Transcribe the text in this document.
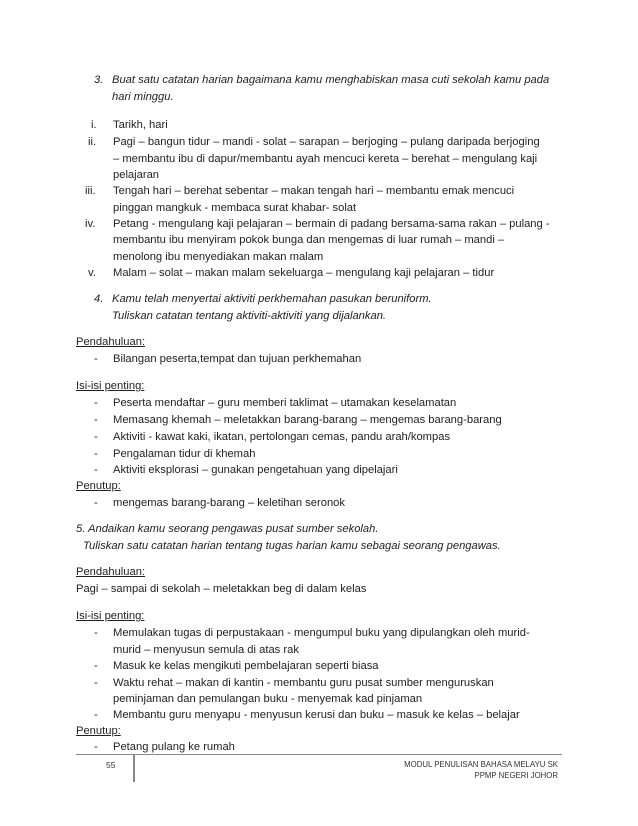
3. Buat satu catatan harian bagaimana kamu menghabiskan masa cuti sekolah kamu pada
hari minggu.
i. Tarikh, hari
ii. Pagi – bangun tidur – mandi - solat – sarapan – berjoging – pulang daripada berjoging
– membantu ibu di dapur/membantu ayah mencuci kereta – berehat – mengulang kaji
pelajaran
iii. Tengah hari – berehat sebentar – makan tengah hari – membantu emak mencuci
pinggan mangkuk - membaca surat khabar- solat
iv. Petang - mengulang kaji pelajaran – bermain di padang bersama-sama rakan – pulang -
membantu ibu menyiram pokok bunga dan mengemas di luar rumah – mandi –
menolong ibu menyediakan makan malam
v. Malam – solat – makan malam sekeluarga – mengulang kaji pelajaran – tidur
4. Kamu telah menyertai aktiviti perkhemahan pasukan beruniform.
Tuliskan catatan tentang aktiviti-aktiviti yang dijalankan.
Pendahuluan:
- Bilangan peserta,tempat dan tujuan perkhemahan
Isi-isi penting:
- Peserta mendaftar – guru memberi taklimat – utamakan keselamatan
- Memasang khemah – meletakkan barang-barang – mengemas barang-barang
- Aktiviti - kawat kaki, ikatan, pertolongan cemas, pandu arah/kompas
- Pengalaman tidur di khemah
- Aktiviti eksplorasi – gunakan pengetahuan yang dipelajari
Penutup:
- mengemas barang-barang – keletihan seronok
5. Andaikan kamu seorang pengawas pusat sumber sekolah.
Tuliskan satu catatan harian tentang tugas harian kamu sebagai seorang pengawas.
Pendahuluan:
Pagi – sampai di sekolah – meletakkan beg di dalam kelas
Isi-isi penting:
- Memulakan tugas di perpustakaan - mengumpul buku yang dipulangkan oleh murid-
murid – menyusun semula di atas rak
- Masuk ke kelas mengikuti pembelajaran seperti biasa
- Waktu rehat – makan di kantin - membantu guru pusat sumber menguruskan
peminjaman dan pemulangan buku - menyemak kad pinjaman
- Membantu guru menyapu - menyusun kerusi dan buku – masuk ke kelas – belajar
Penutup:
- Petang pulang ke rumah
55	MODUL PENULISAN BAHASA MELAYU SK
PPMP NEGERI JOHOR
